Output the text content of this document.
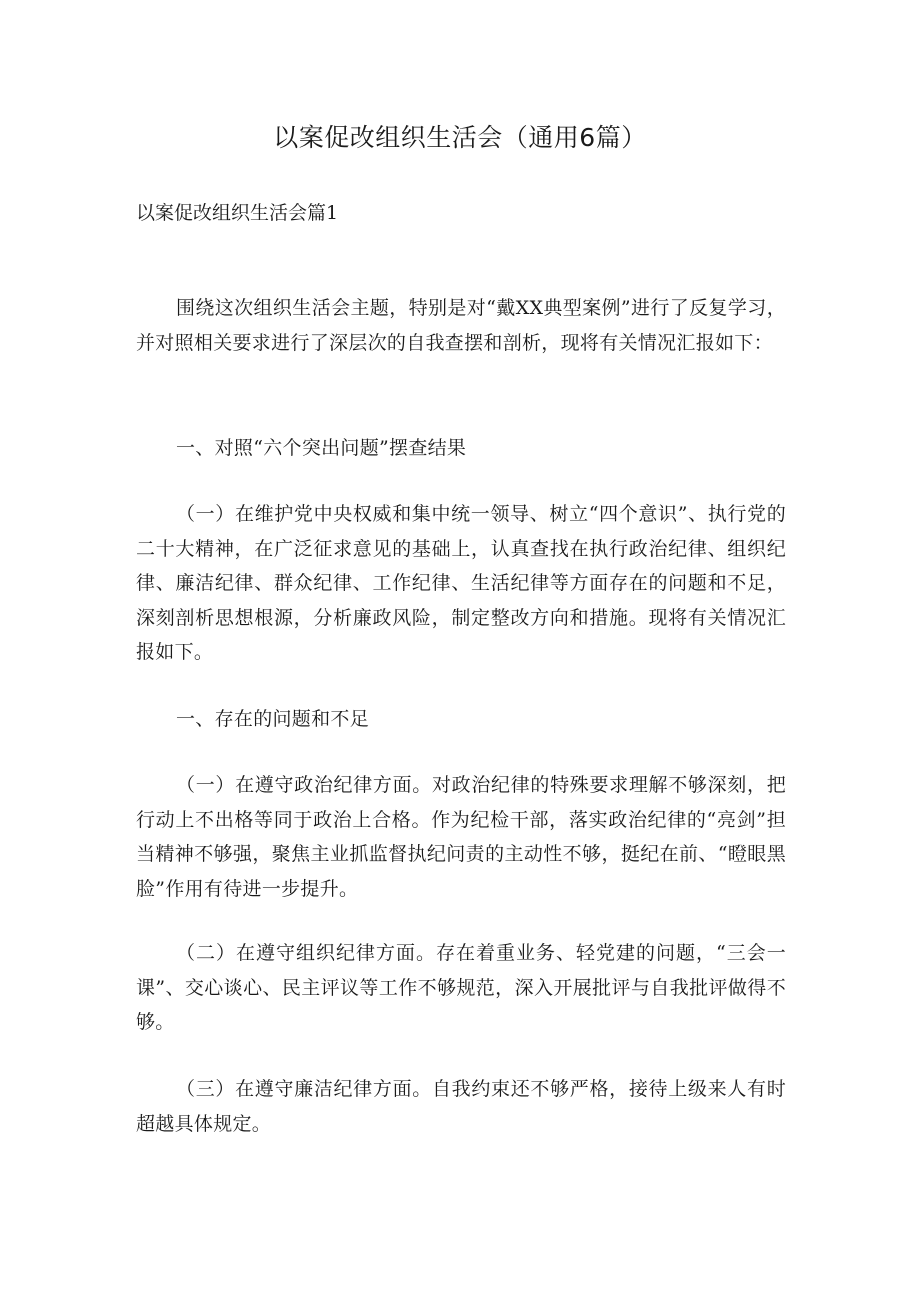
以案促改组织生活会（通用6篇）
以案促改组织生活会篇1

围绕这次组织生活会主题，特别是对“戴XX典型案例”进行了反复学习，并对照相关要求进行了深层次的自我查摆和剖析，现将有关情况汇报如下：

一、对照“六个突出问题”摆查结果

（一）在维护党中央权威和集中统一领导、树立“四个意识”、执行党的二十大精神，在广泛征求意见的基础上，认真查找在执行政治纪律、组织纪律、廉洁纪律、群众纪律、工作纪律、生活纪律等方面存在的问题和不足，深刻剖析思想根源，分析廉政风险，制定整改方向和措施。现将有关情况汇报如下。

一、存在的问题和不足

（一）在遵守政治纪律方面。对政治纪律的特殊要求理解不够深刻，把行动上不出格等同于政治上合格。作为纪检干部，落实政治纪律的“亮剑”担当精神不够强，聚焦主业抓监督执纪问责的主动性不够，挺纪在前、“瞪眼黑脸”作用有待进一步提升。

（二）在遵守组织纪律方面。存在着重业务、轻党建的问题，“三会一课”、交心谈心、民主评议等工作不够规范，深入开展批评与自我批评做得不够。

（三）在遵守廉洁纪律方面。自我约束还不够严格，接待上级来人有时超越具体规定。
